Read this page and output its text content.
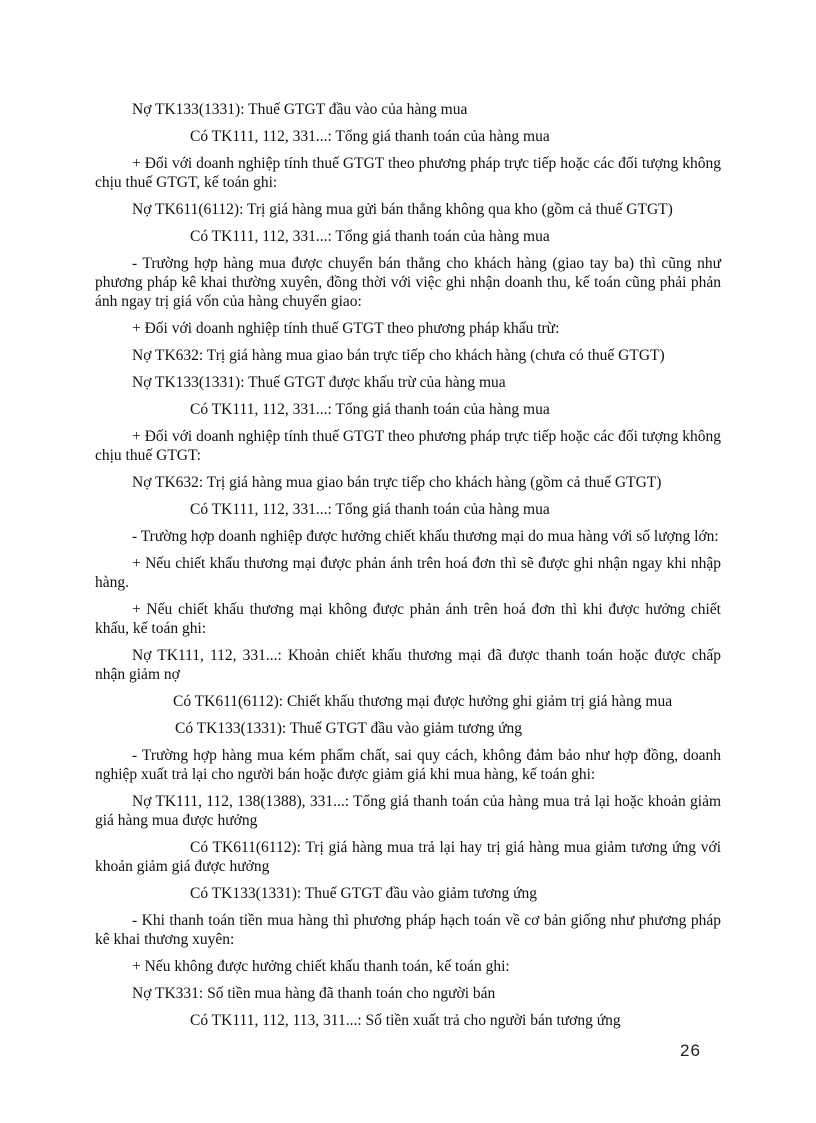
Nợ TK133(1331): Thuế GTGT đầu vào của hàng mua

Có TK111, 112, 331...: Tổng giá thanh toán của hàng mua

+ Đối với doanh nghiệp tính thuế GTGT theo phương pháp trực tiếp hoặc các đối tượng không chịu thuế GTGT, kế toán ghi:

Nợ TK611(6112): Trị giá hàng mua gửi bán thẳng không qua kho (gồm cả thuế GTGT)

Có TK111, 112, 331...: Tổng giá thanh toán của hàng mua

- Trường hợp hàng mua được chuyển bán thẳng cho khách hàng (giao tay ba) thì cũng như phương pháp kê khai thường xuyên, đồng thời với việc ghi nhận doanh thu, kế toán cũng phải phản ánh ngay trị giá vốn của hàng chuyển giao:

+ Đối với doanh nghiệp tính thuế GTGT theo phương pháp khấu trừ:

Nợ TK632: Trị giá hàng mua giao bán trực tiếp cho khách hàng (chưa có thuế GTGT)

Nợ TK133(1331): Thuế GTGT được khấu trừ của hàng mua

Có TK111, 112, 331...: Tổng giá thanh toán của hàng mua

+ Đối với doanh nghiệp tính thuế GTGT theo phương pháp trực tiếp hoặc các đối tượng không chịu thuế GTGT:

Nợ TK632: Trị giá hàng mua giao bán trực tiếp cho khách hàng (gồm cả thuế GTGT)

Có TK111, 112, 331...: Tổng giá thanh toán của hàng mua

- Trường hợp doanh nghiệp được hưởng chiết khấu thương mại do mua hàng với số lượng lớn:

+ Nếu chiết khấu thương mại được phản ánh trên hoá đơn thì sẽ được ghi nhận ngay khi nhập hàng.

+ Nếu chiết khấu thương mại không được phản ánh trên hoá đơn thì khi được hưởng chiết khấu, kế toán ghi:

Nợ TK111, 112, 331...: Khoản chiết khấu thương mại đã được thanh toán hoặc được chấp nhận giảm nợ

Có TK611(6112): Chiết khấu thương mại được hưởng ghi giảm trị giá hàng mua

Có TK133(1331): Thuế GTGT đầu vào giảm tương ứng

- Trường hợp hàng mua kém phẩm chất, sai quy cách, không đảm bảo như hợp đồng, doanh nghiệp xuất trả lại cho người bán hoặc được giảm giá khi mua hàng, kế toán ghi:

Nợ TK111, 112, 138(1388), 331...: Tổng giá thanh toán của hàng mua trả lại hoặc khoản giảm giá hàng mua được hưởng

Có TK611(6112): Trị giá hàng mua trả lại hay trị giá hàng mua giảm tương ứng với khoản giảm giá được hưởng

Có TK133(1331): Thuế GTGT đầu vào giảm tương ứng

- Khi thanh toán tiền mua hàng thì phương pháp hạch toán về cơ bản giống như phương pháp kê khai thương xuyên:

+ Nếu không được hưởng chiết khấu thanh toán, kế toán ghi:

Nợ TK331: Số tiền mua hàng đã thanh toán cho người bán

Có TK111, 112, 113, 311...: Số tiền xuất trả cho người bán tương ứng

26
